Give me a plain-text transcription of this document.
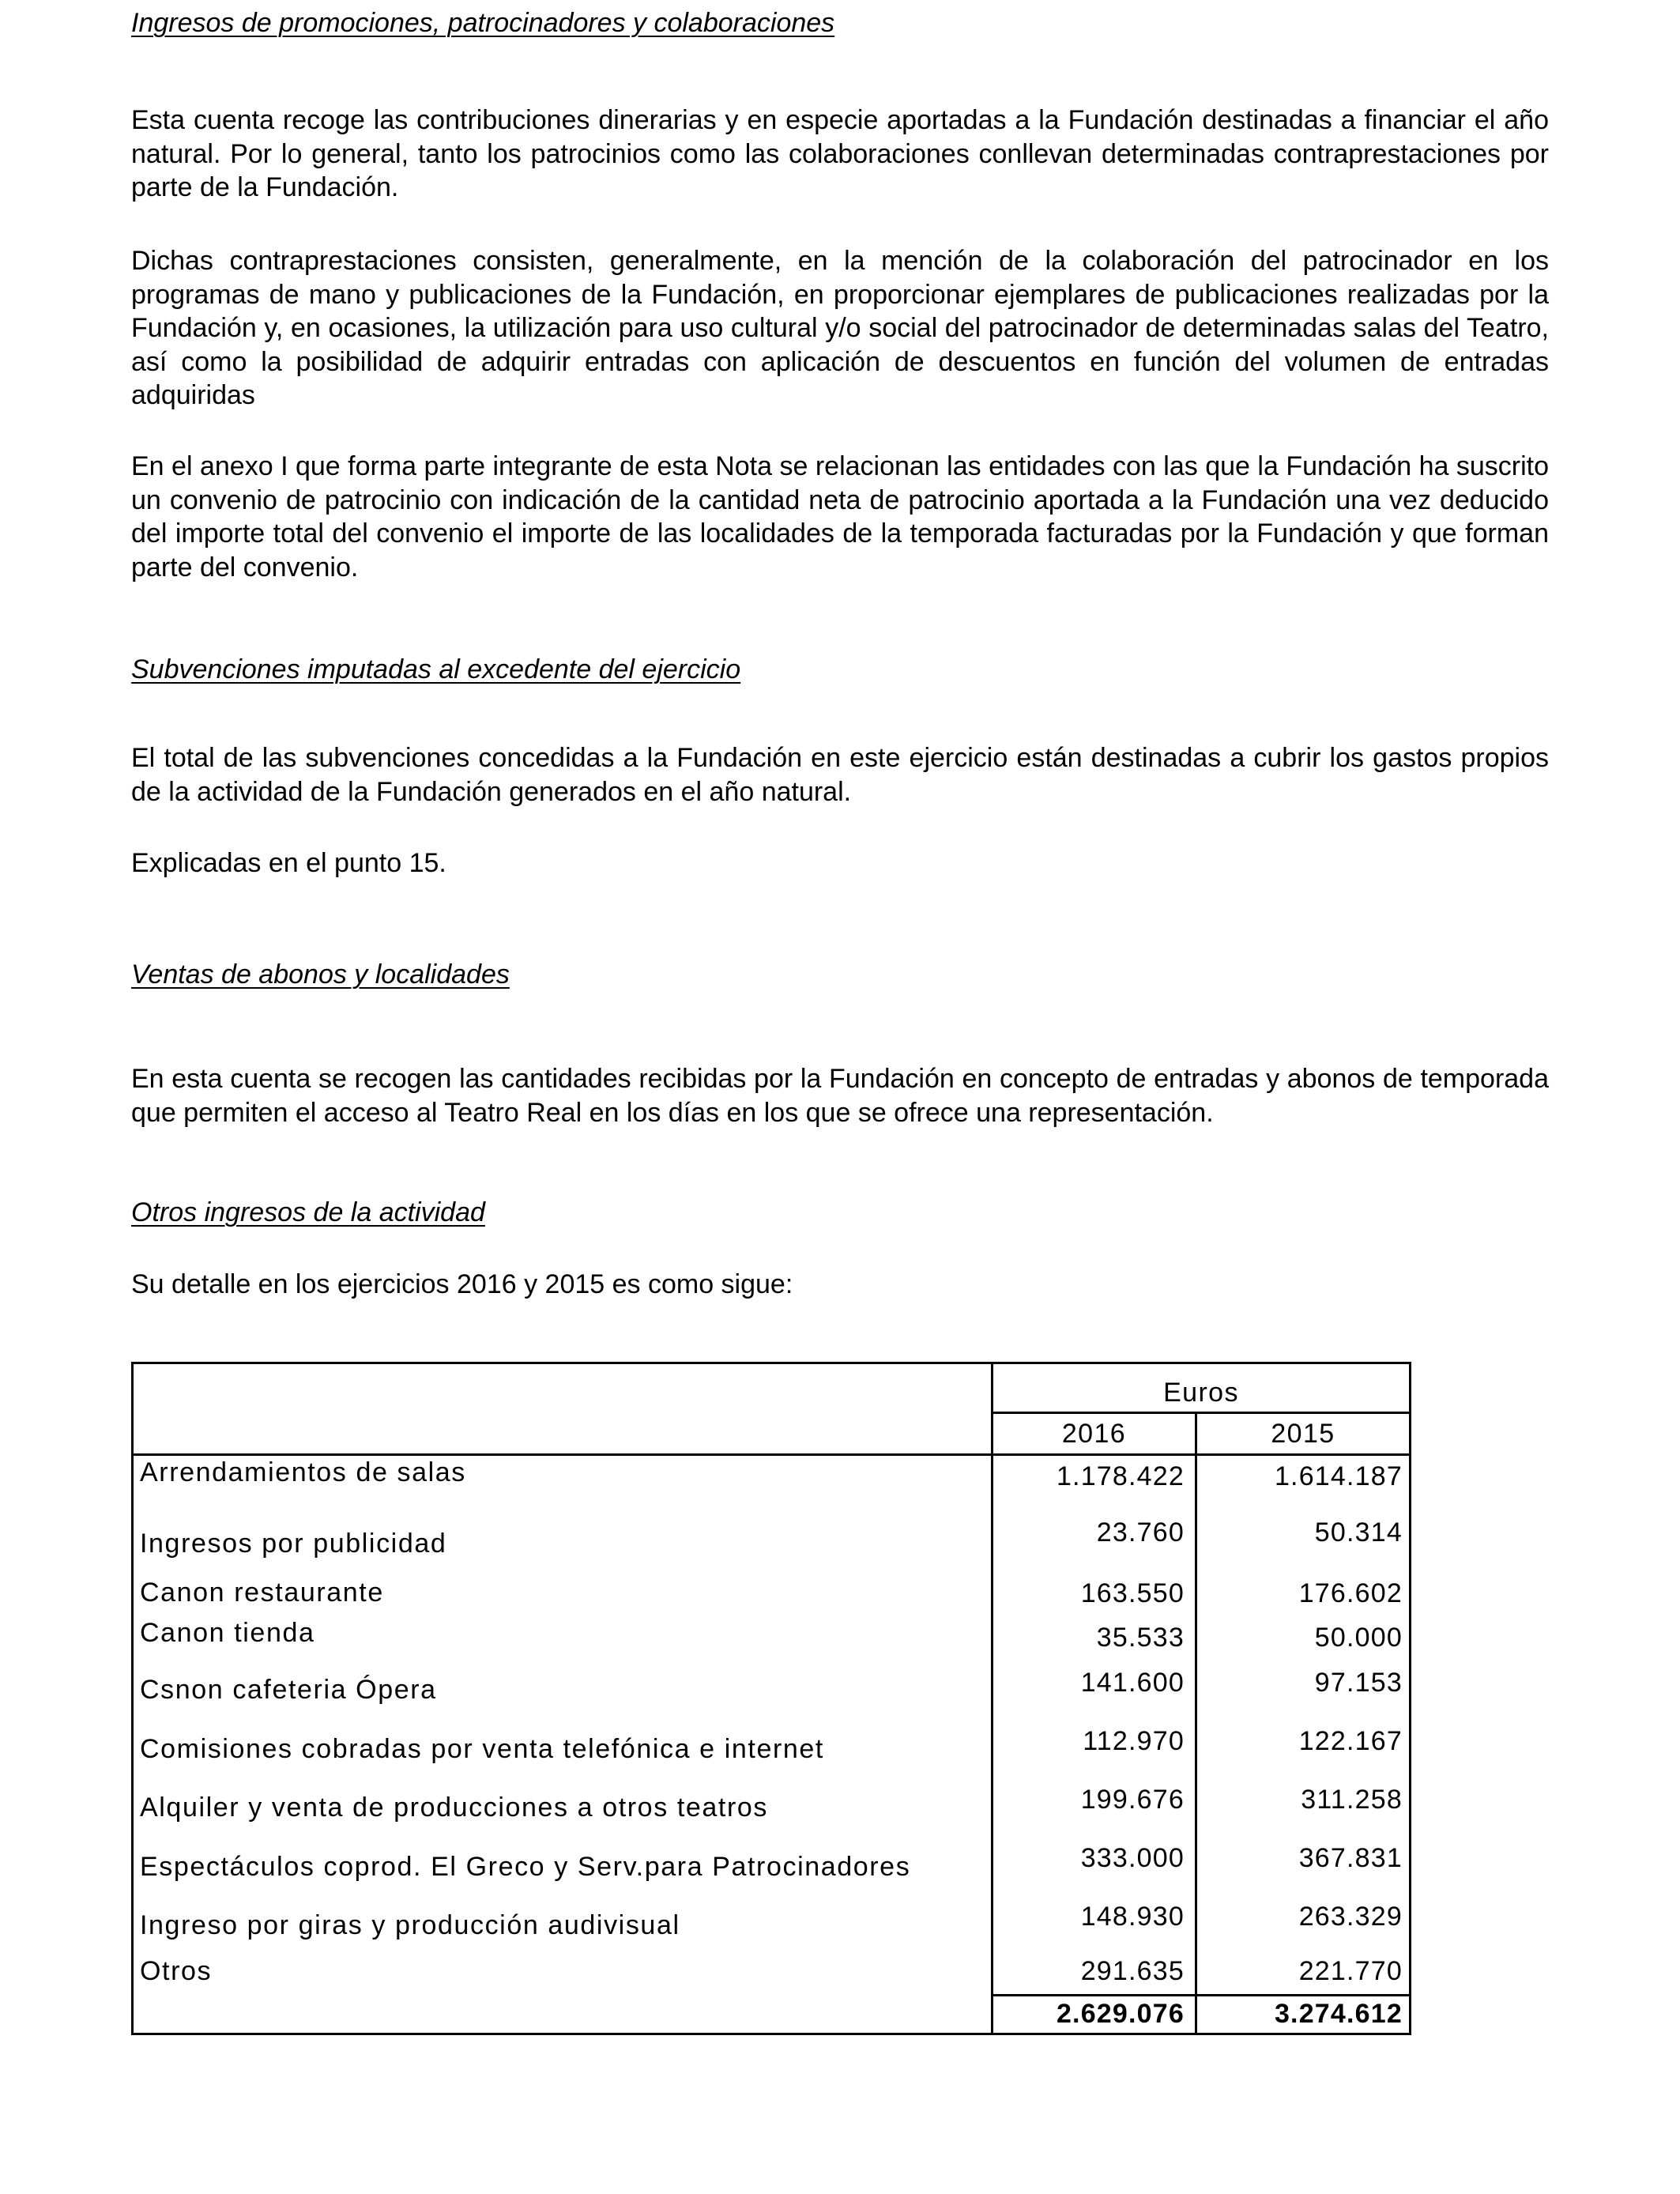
Ingresos de promociones, patrocinadores y colaboraciones
Esta cuenta recoge las contribuciones dinerarias y en especie aportadas a la Fundación destinadas a financiar el año natural. Por lo general, tanto los patrocinios como las colaboraciones conllevan determinadas contraprestaciones por parte de la Fundación.
Dichas contraprestaciones consisten, generalmente, en la mención de la colaboración del patrocinador en los programas de mano y publicaciones de la Fundación, en proporcionar ejemplares de publicaciones realizadas por la Fundación y, en ocasiones, la utilización para uso cultural y/o social del patrocinador de determinadas salas del Teatro, así como la posibilidad de adquirir entradas con aplicación de descuentos en función del volumen de entradas adquiridas
En el anexo I que forma parte integrante de esta Nota se relacionan las entidades con las que la Fundación ha suscrito un convenio de patrocinio con indicación de la cantidad neta de patrocinio aportada a la Fundación una vez deducido del importe total del convenio el importe de las localidades de la temporada facturadas por la Fundación y que forman parte del convenio.
Subvenciones imputadas al excedente del ejercicio
El total de las subvenciones concedidas a la Fundación en este ejercicio están destinadas a cubrir los gastos propios de la actividad de la Fundación generados en el año natural.
Explicadas en el punto 15.
Ventas de abonos y localidades
En esta cuenta se recogen las cantidades recibidas por la Fundación en concepto de entradas y abonos de temporada que permiten el acceso al Teatro Real en los días en los que se ofrece una representación.
Otros ingresos de la actividad
Su detalle en los ejercicios 2016 y 2015 es como sigue:
Euros
2016	2015
Arrendamientos de salas	1.178.422	1.614.187
Ingresos por publicidad	23.760	50.314
Canon restaurante	163.550	176.602
Canon tienda	35.533	50.000
Csnon cafeteria Ópera	141.600	97.153
Comisiones cobradas por venta telefónica e internet	112.970	122.167
Alquiler y venta de producciones a otros teatros	199.676	311.258
Espectáculos coprod. El Greco y Serv.para Patrocinadores	333.000	367.831
Ingreso por giras y producción audivisual	148.930	263.329
Otros	291.635	221.770
2.629.076	3.274.612
